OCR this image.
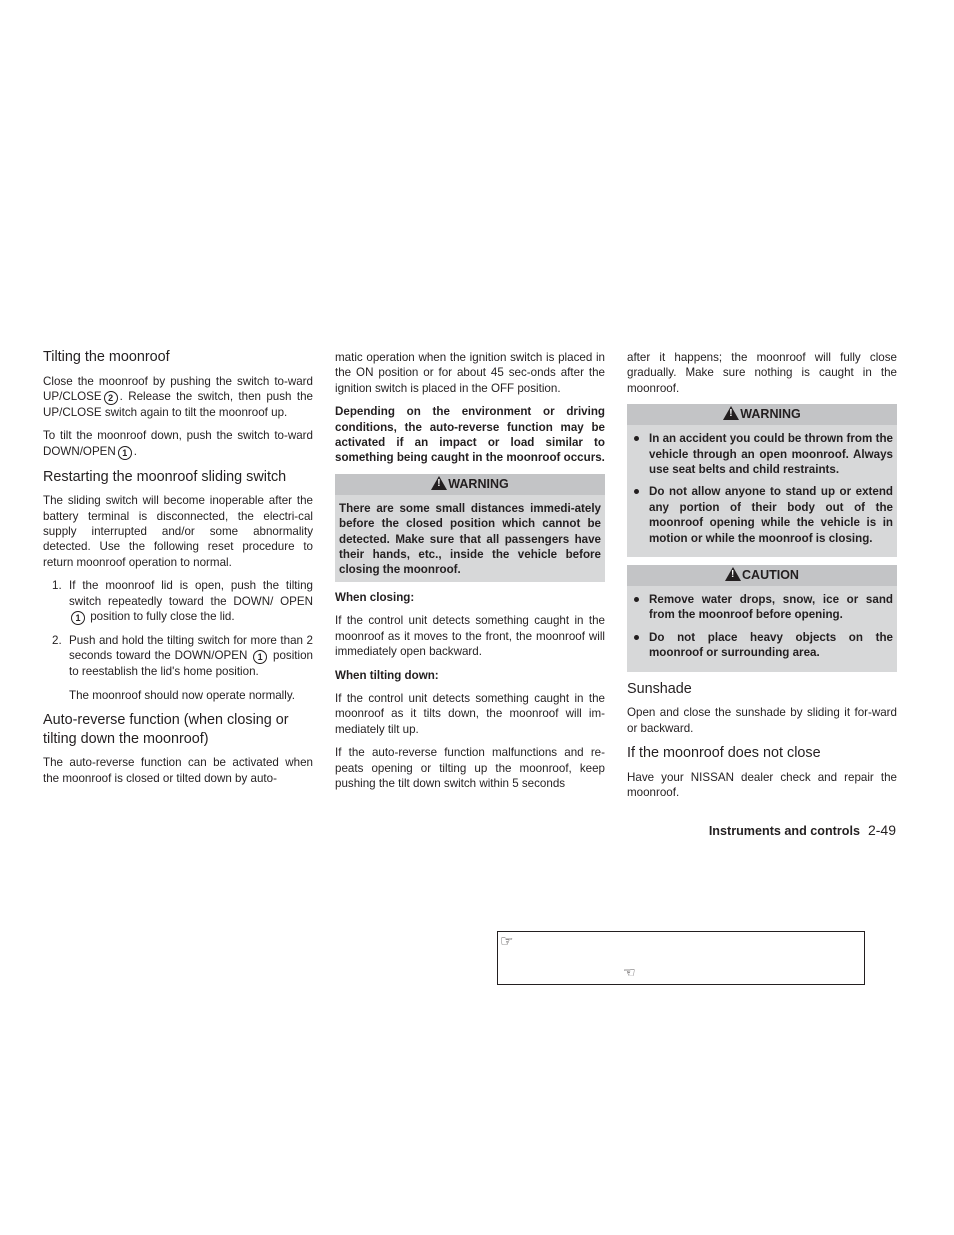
Tilting the moonroof
Close the moonroof by pushing the switch to-ward UP/CLOSE 2 . Release the switch, then push the UP/CLOSE switch again to tilt the moonroof up.
To tilt the moonroof down, push the switch to-ward DOWN/OPEN 1 .
Restarting the moonroof sliding switch
The sliding switch will become inoperable after the battery terminal is disconnected, the electri-cal supply interrupted and/or some abnormality detected. Use the following reset procedure to return moonroof operation to normal.
1. If the moonroof lid is open, push the tilting switch repeatedly toward the DOWN/ OPEN 1 position to fully close the lid.
2. Push and hold the tilting switch for more than 2 seconds toward the DOWN/OPEN 1 position to reestablish the lid's home position.
The moonroof should now operate normally.
Auto-reverse function (when closing or tilting down the moonroof)
The auto-reverse function can be activated when the moonroof is closed or tilted down by auto-
matic operation when the ignition switch is placed in the ON position or for about 45 sec-onds after the ignition switch is placed in the OFF position.
Depending on the environment or driving conditions, the auto-reverse function may be activated if an impact or load similar to something being caught in the moonroof occurs.
!WARNING
There are some small distances immedi-ately before the closed position which cannot be detected. Make sure that all passengers have their hands, etc., inside the vehicle before closing the moonroof.
When closing:
If the control unit detects something caught in the moonroof as it moves to the front, the moonroof will immediately open backward.
When tilting down:
If the control unit detects something caught in the moonroof as it tilts down, the moonroof will im-mediately tilt up.
If the auto-reverse function malfunctions and re-peats opening or tilting up the moonroof, keep pushing the tilt down switch within 5 seconds
after it happens; the moonroof will fully close gradually. Make sure nothing is caught in the moonroof.
!WARNING
In an accident you could be thrown from the vehicle through an open moonroof. Always use seat belts and child restraints.
Do not allow anyone to stand up or extend any portion of their body out of the moonroof opening while the vehicle is in motion or while the moonroof is closing.
!CAUTION
Remove water drops, snow, ice or sand from the moonroof before opening.
Do not place heavy objects on the moonroof or surrounding area.
Sunshade
Open and close the sunshade by sliding it for-ward or backward.
If the moonroof does not close
Have your NISSAN dealer check and repair the moonroof.
Instruments and controls 2-49
☞
☜
